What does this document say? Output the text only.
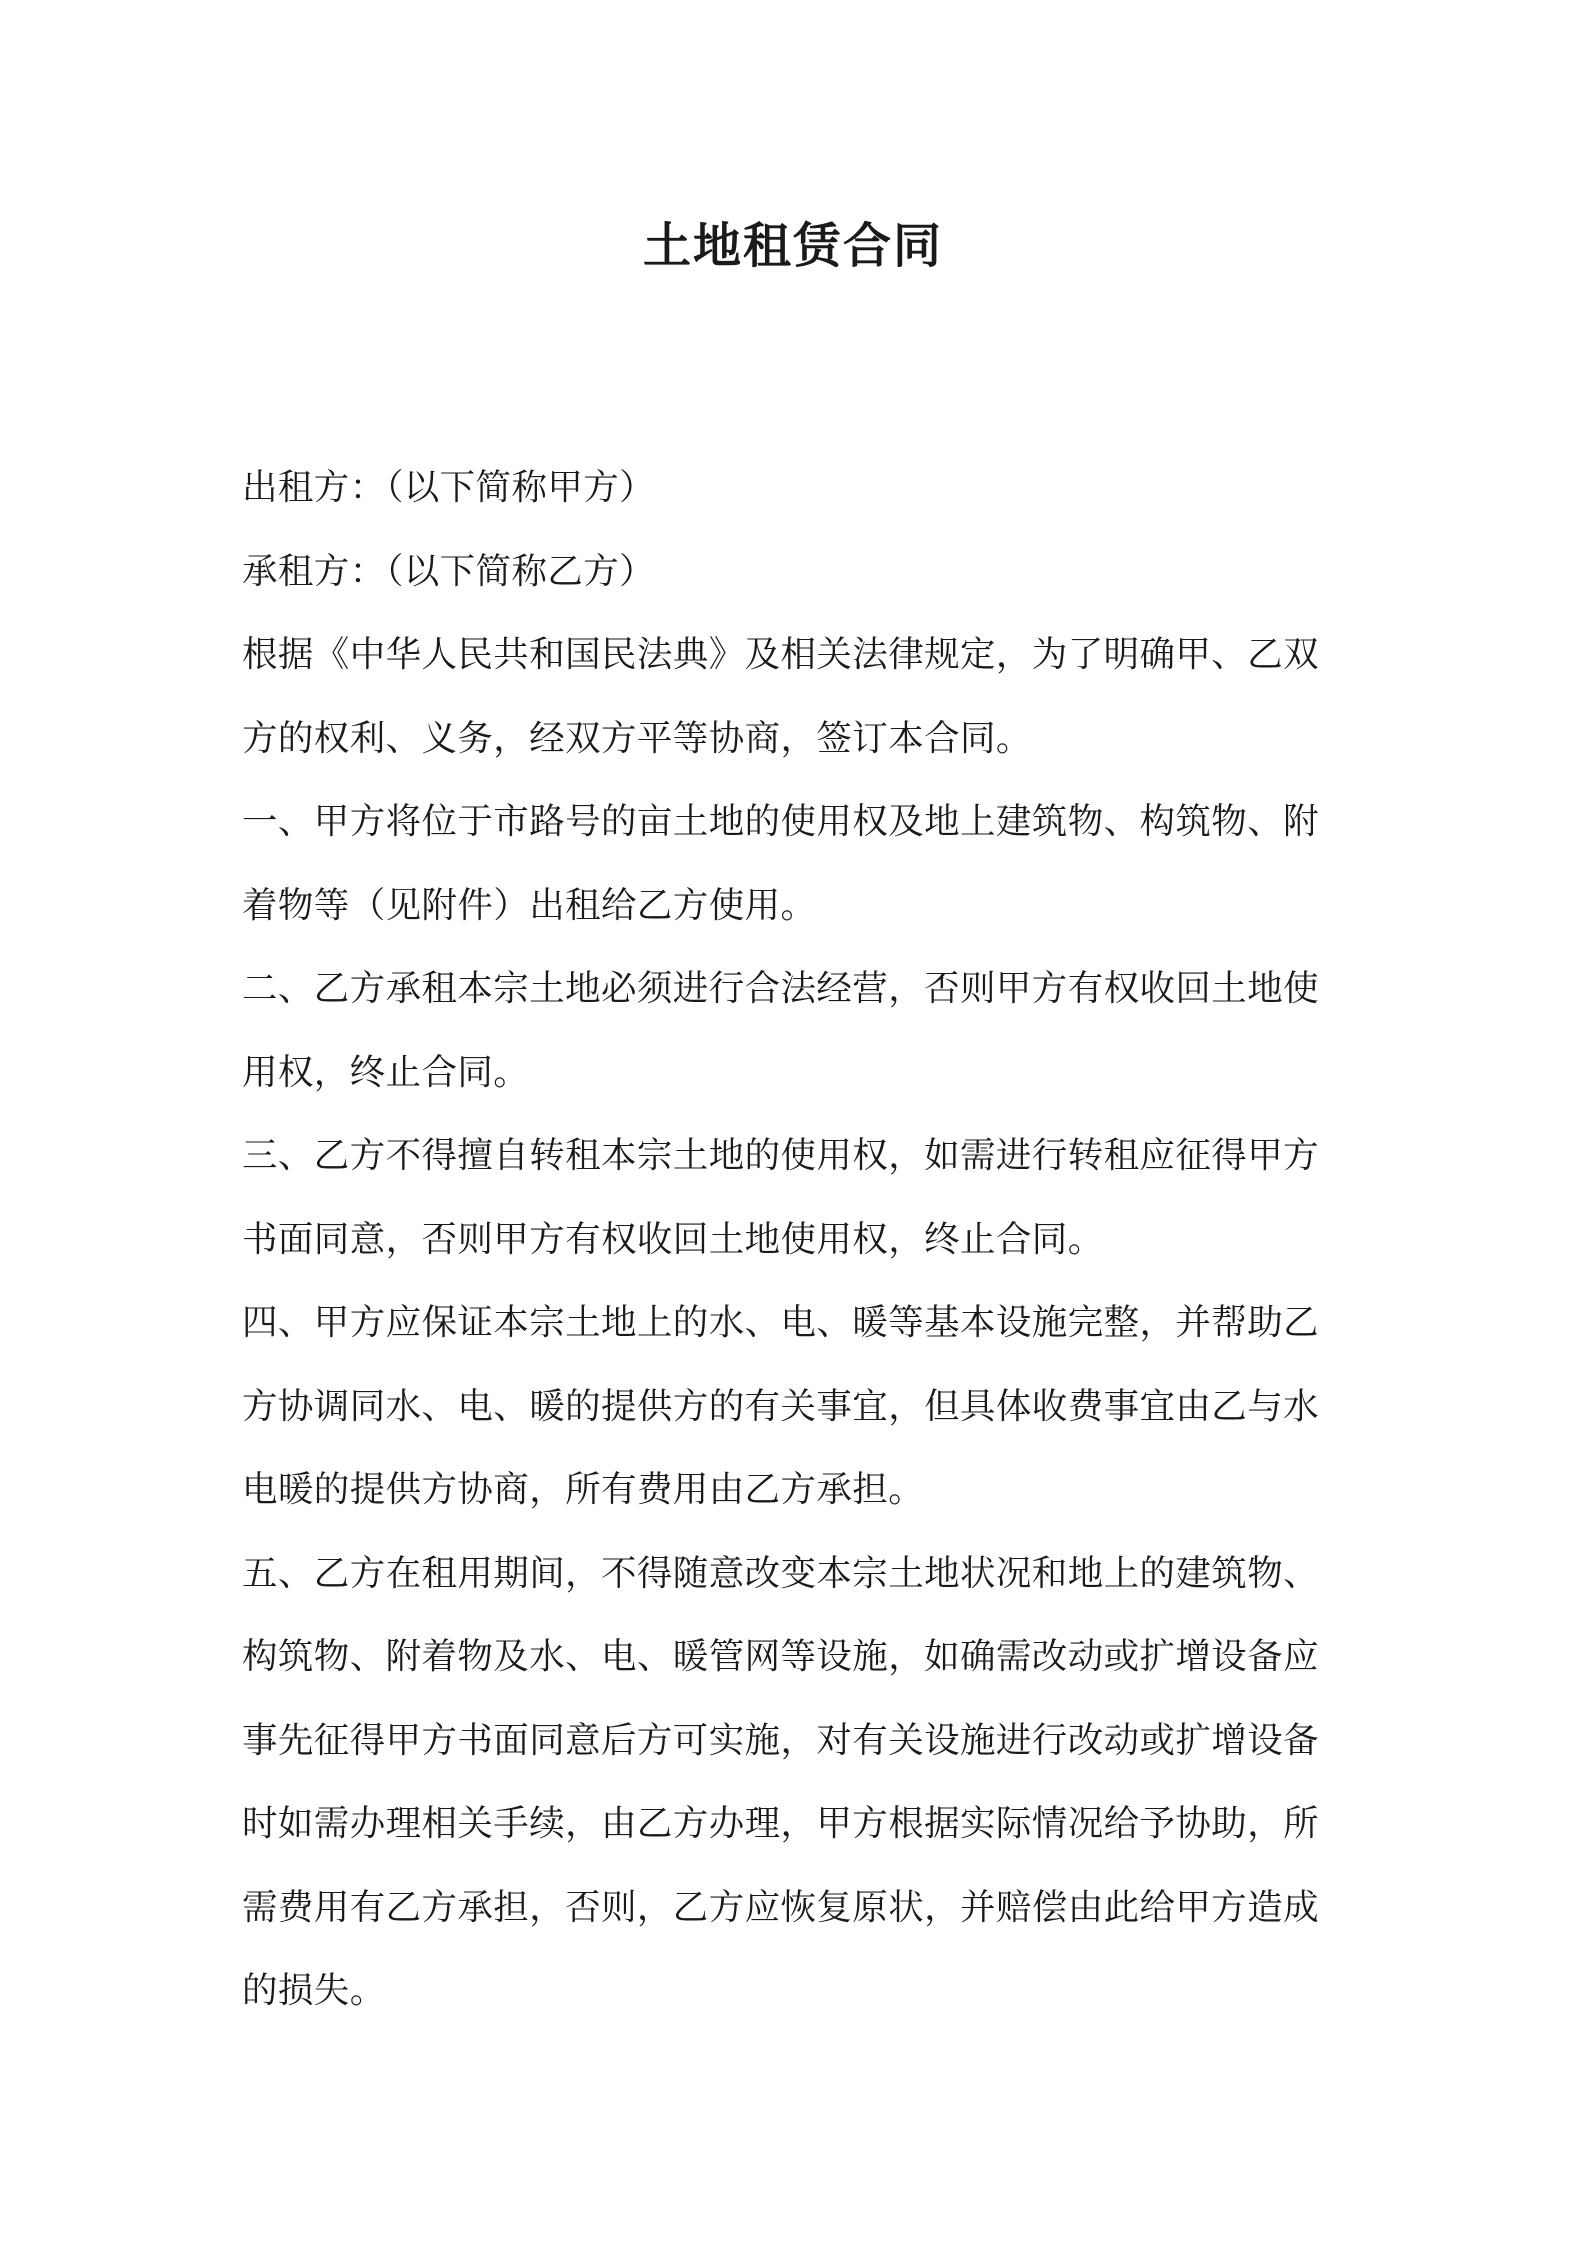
土地租赁合同

出租方：（以下简称甲方）

承租方：（以下简称乙方）

根据《中华人民共和国民法典》及相关法律规定，为了明确甲、乙双
方的权利、义务，经双方平等协商，签订本合同。

一、甲方将位于市路号的亩土地的使用权及地上建筑物、构筑物、附
着物等（见附件）出租给乙方使用。

二、乙方承租本宗土地必须进行合法经营，否则甲方有权收回土地使
用权，终止合同。

三、乙方不得擅自转租本宗土地的使用权，如需进行转租应征得甲方
书面同意，否则甲方有权收回土地使用权，终止合同。

四、甲方应保证本宗土地上的水、电、暖等基本设施完整，并帮助乙
方协调同水、电、暖的提供方的有关事宜，但具体收费事宜由乙与水
电暖的提供方协商，所有费用由乙方承担。

五、乙方在租用期间，不得随意改变本宗土地状况和地上的建筑物、
构筑物、附着物及水、电、暖管网等设施，如确需改动或扩增设备应
事先征得甲方书面同意后方可实施，对有关设施进行改动或扩增设备
时如需办理相关手续，由乙方办理，甲方根据实际情况给予协助，所
需费用有乙方承担，否则，乙方应恢复原状，并赔偿由此给甲方造成
的损失。
